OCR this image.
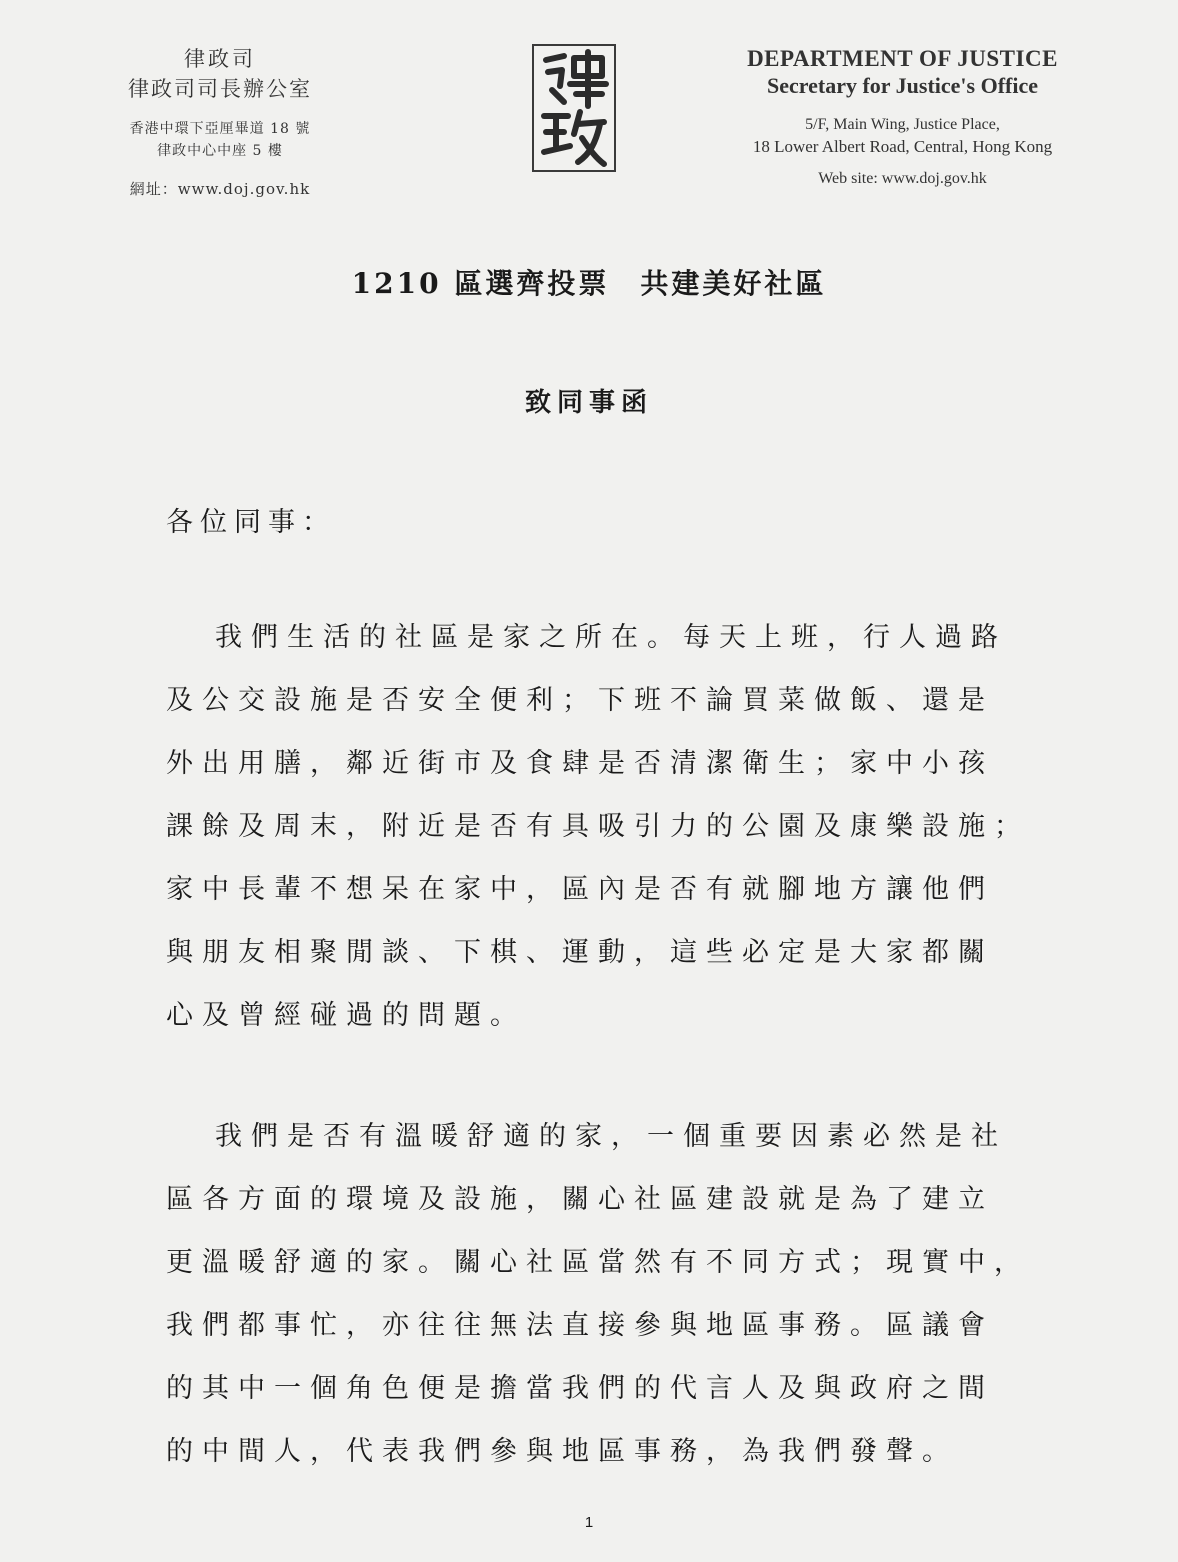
律政司
律政司司長辦公室
香港中環下亞厘畢道 18 號
律政中心中座 5 樓
網址：www.doj.gov.hk
DEPARTMENT OF JUSTICE
Secretary for Justice's Office
5/F, Main Wing, Justice Place,
18 Lower Albert Road, Central, Hong Kong
Web site: www.doj.gov.hk
1210 區選齊投票　共建美好社區
致同事函
各位同事：
我們生活的社區是家之所在。每天上班，行人過路
及公交設施是否安全便利；下班不論買菜做飯、還是
外出用膳，鄰近街市及食肆是否清潔衛生；家中小孩
課餘及周末，附近是否有具吸引力的公園及康樂設施；
家中長輩不想呆在家中，區內是否有就腳地方讓他們
與朋友相聚閒談、下棋、運動，這些必定是大家都關
心及曾經碰過的問題。
我們是否有溫暖舒適的家，一個重要因素必然是社
區各方面的環境及設施，關心社區建設就是為了建立
更溫暖舒適的家。關心社區當然有不同方式；現實中，
我們都事忙，亦往往無法直接參與地區事務。區議會
的其中一個角色便是擔當我們的代言人及與政府之間
的中間人，代表我們參與地區事務，為我們發聲。
1
